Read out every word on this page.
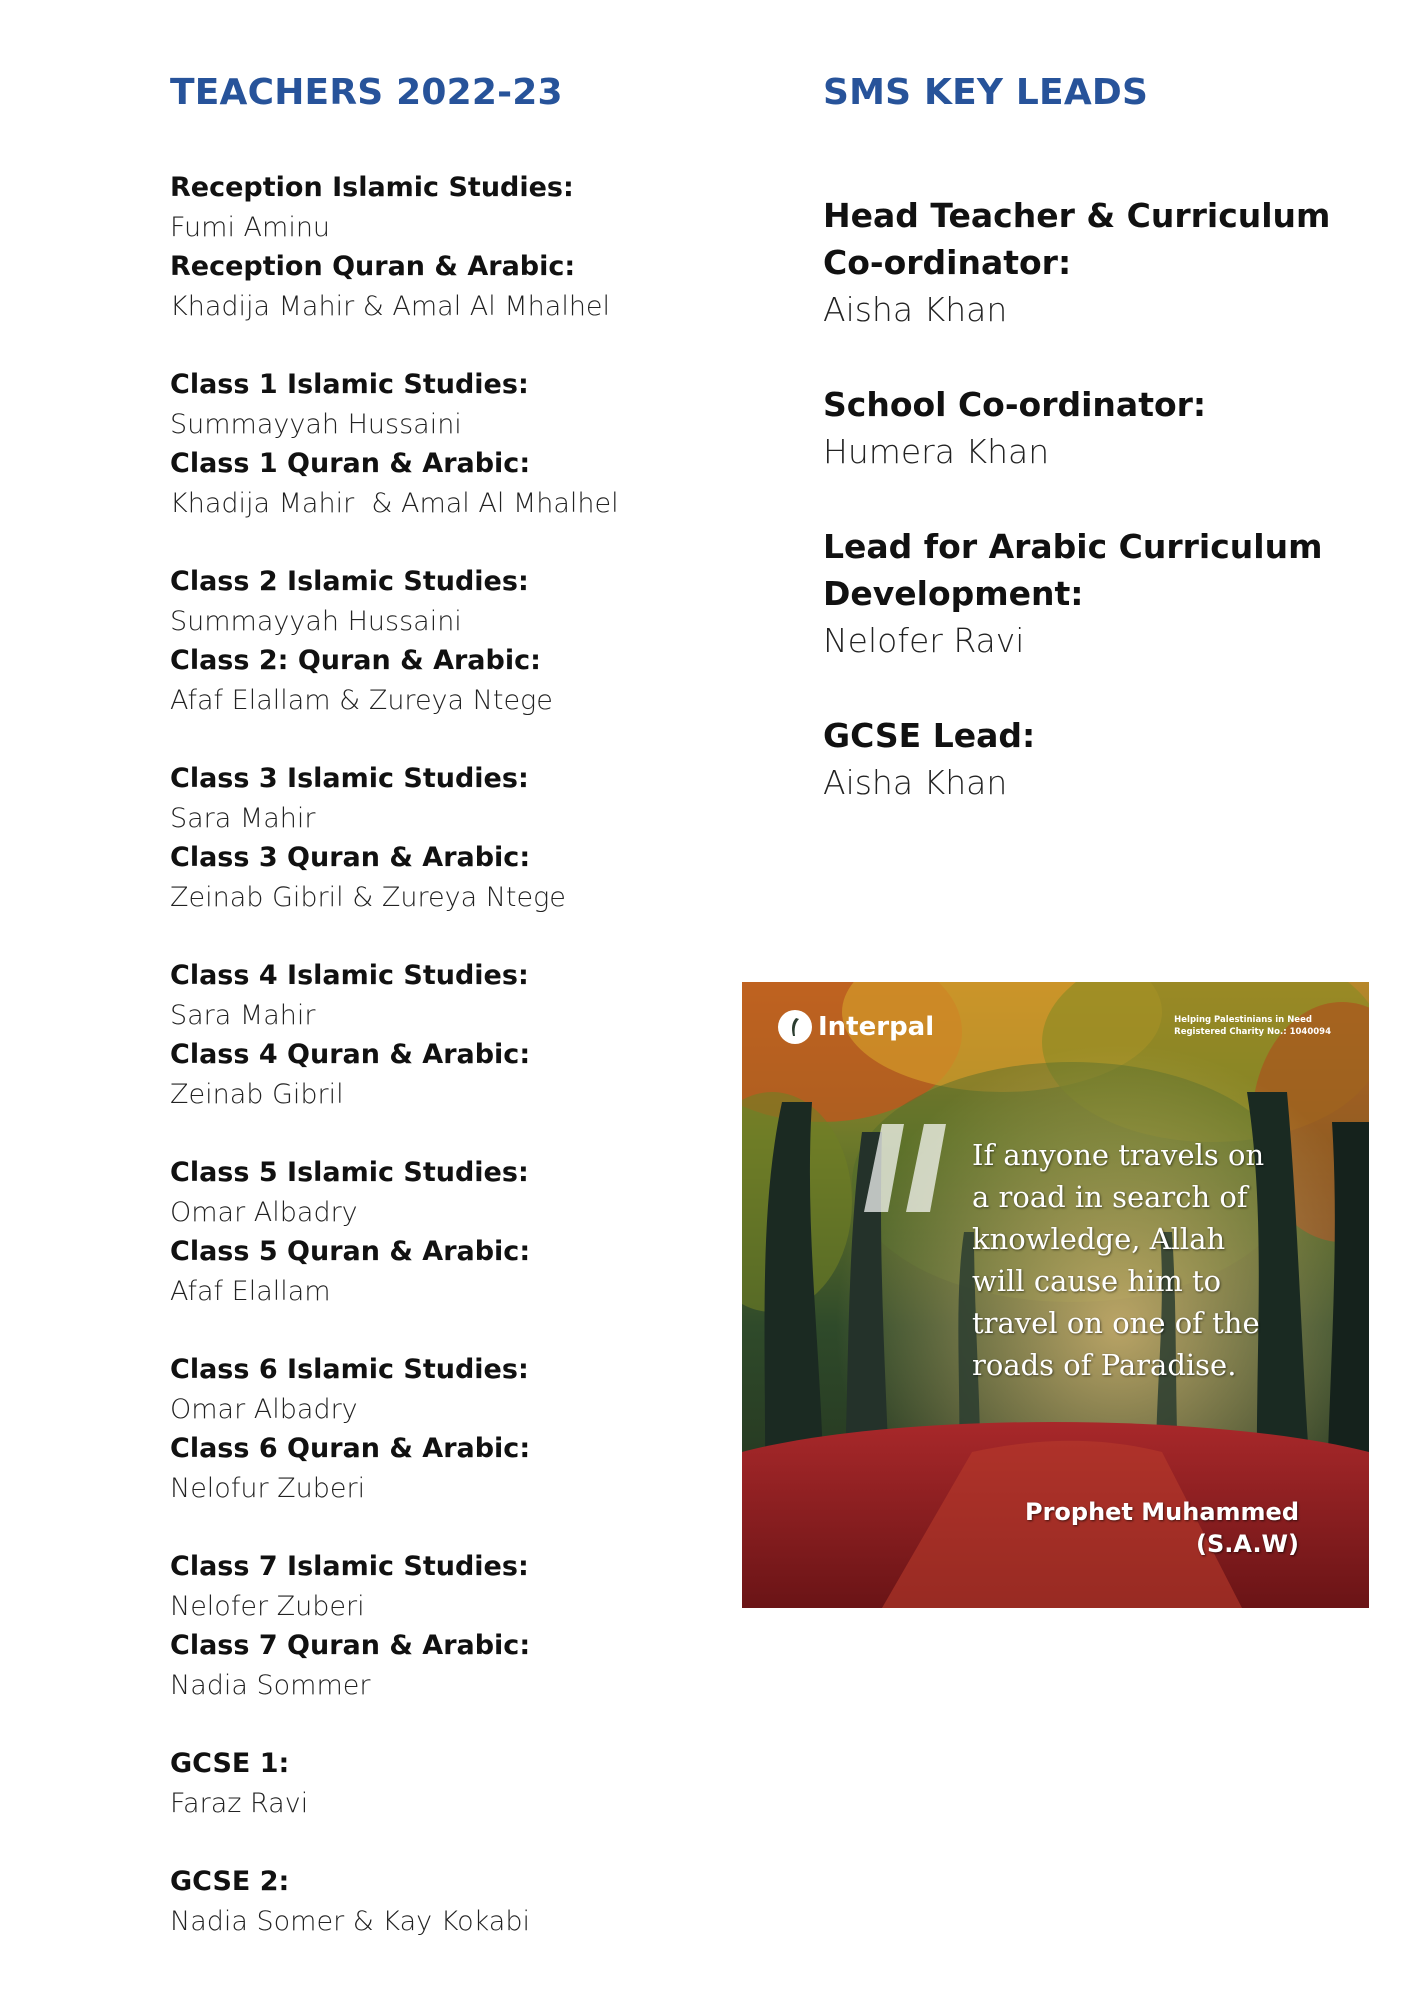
TEACHERS 2022-23	SMS KEY LEADS
Reception Islamic Studies:
Fumi Aminu
Reception Quran & Arabic:
Khadija Mahir & Amal Al Mhalhel
Class 1 Islamic Studies:
Summayyah Hussaini
Class 1 Quran & Arabic:
Khadija Mahir  & Amal Al Mhalhel
Class 2 Islamic Studies:
Summayyah Hussaini
Class 2: Quran & Arabic:
Afaf Elallam & Zureya Ntege
Class 3 Islamic Studies:
Sara Mahir
Class 3 Quran & Arabic:
Zeinab Gibril & Zureya Ntege
Class 4 Islamic Studies:
Sara Mahir
Class 4 Quran & Arabic:
Zeinab Gibril
Class 5 Islamic Studies:
Omar Albadry
Class 5 Quran & Arabic:
Afaf Elallam
Class 6 Islamic Studies:
Omar Albadry
Class 6 Quran & Arabic:
Nelofur Zuberi
Class 7 Islamic Studies:
Nelofer Zuberi
Class 7 Quran & Arabic:
Nadia Sommer
GCSE 1:
Faraz Ravi
GCSE 2:
Nadia Somer & Kay Kokabi
Head Teacher & Curriculum Co-ordinator:
Aisha Khan
School Co-ordinator:
Humera Khan
Lead for Arabic Curriculum Development:
Nelofer Ravi
GCSE Lead:
Aisha Khan
Interpal	Helping Palestinians in Need
Registered Charity No.: 1040094
If anyone travels on
a road in search of
knowledge, Allah
will cause him to
travel on one of the
roads of Paradise.
Prophet Muhammed
(S.A.W)
